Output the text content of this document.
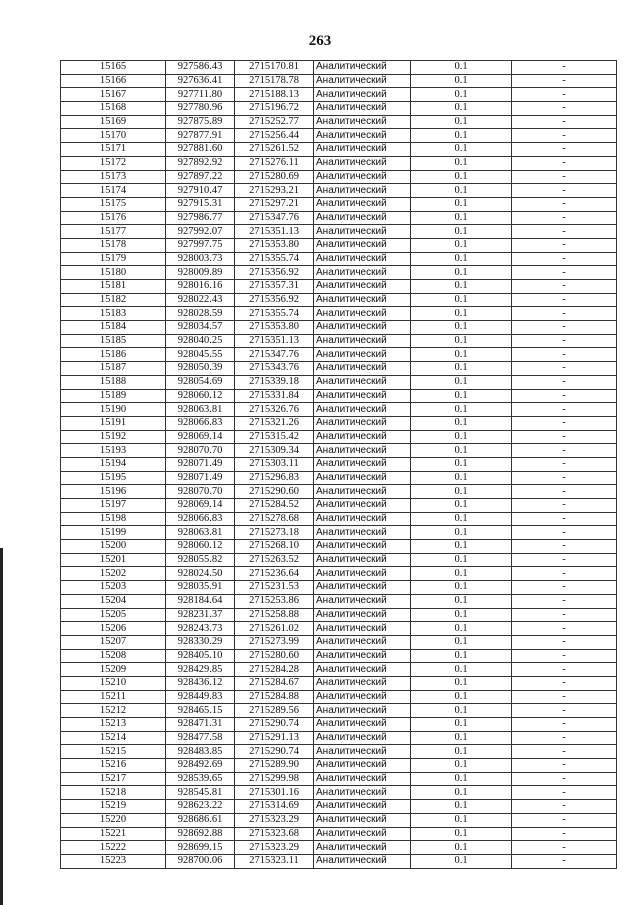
263
15165	927586.43	2715170.81	Аналитический	0.1	-
15166	927636.41	2715178.78	Аналитический	0.1	-
15167	927711.80	2715188.13	Аналитический	0.1	-
15168	927780.96	2715196.72	Аналитический	0.1	-
15169	927875.89	2715252.77	Аналитический	0.1	-
15170	927877.91	2715256.44	Аналитический	0.1	-
15171	927881.60	2715261.52	Аналитический	0.1	-
15172	927892.92	2715276.11	Аналитический	0.1	-
15173	927897.22	2715280.69	Аналитический	0.1	-
15174	927910.47	2715293.21	Аналитический	0.1	-
15175	927915.31	2715297.21	Аналитический	0.1	-
15176	927986.77	2715347.76	Аналитический	0.1	-
15177	927992.07	2715351.13	Аналитический	0.1	-
15178	927997.75	2715353.80	Аналитический	0.1	-
15179	928003.73	2715355.74	Аналитический	0.1	-
15180	928009.89	2715356.92	Аналитический	0.1	-
15181	928016.16	2715357.31	Аналитический	0.1	-
15182	928022.43	2715356.92	Аналитический	0.1	-
15183	928028.59	2715355.74	Аналитический	0.1	-
15184	928034.57	2715353.80	Аналитический	0.1	-
15185	928040.25	2715351.13	Аналитический	0.1	-
15186	928045.55	2715347.76	Аналитический	0.1	-
15187	928050.39	2715343.76	Аналитический	0.1	-
15188	928054.69	2715339.18	Аналитический	0.1	-
15189	928060.12	2715331.84	Аналитический	0.1	-
15190	928063.81	2715326.76	Аналитический	0.1	-
15191	928066.83	2715321.26	Аналитический	0.1	-
15192	928069.14	2715315.42	Аналитический	0.1	-
15193	928070.70	2715309.34	Аналитический	0.1	-
15194	928071.49	2715303.11	Аналитический	0.1	-
15195	928071.49	2715296.83	Аналитический	0.1	-
15196	928070.70	2715290.60	Аналитический	0.1	-
15197	928069.14	2715284.52	Аналитический	0.1	-
15198	928066.83	2715278.68	Аналитический	0.1	-
15199	928063.81	2715273.18	Аналитический	0.1	-
15200	928060.12	2715268.10	Аналитический	0.1	-
15201	928055.82	2715263.52	Аналитический	0.1	-
15202	928024.50	2715236.64	Аналитический	0.1	-
15203	928035.91	2715231.53	Аналитический	0.1	-
15204	928184.64	2715253.86	Аналитический	0.1	-
15205	928231.37	2715258.88	Аналитический	0.1	-
15206	928243.73	2715261.02	Аналитический	0.1	-
15207	928330.29	2715273.99	Аналитический	0.1	-
15208	928405.10	2715280.60	Аналитический	0.1	-
15209	928429.85	2715284.28	Аналитический	0.1	-
15210	928436.12	2715284.67	Аналитический	0.1	-
15211	928449.83	2715284.88	Аналитический	0.1	-
15212	928465.15	2715289.56	Аналитический	0.1	-
15213	928471.31	2715290.74	Аналитический	0.1	-
15214	928477.58	2715291.13	Аналитический	0.1	-
15215	928483.85	2715290.74	Аналитический	0.1	-
15216	928492.69	2715289.90	Аналитический	0.1	-
15217	928539.65	2715299.98	Аналитический	0.1	-
15218	928545.81	2715301.16	Аналитический	0.1	-
15219	928623.22	2715314.69	Аналитический	0.1	-
15220	928686.61	2715323.29	Аналитический	0.1	-
15221	928692.88	2715323.68	Аналитический	0.1	-
15222	928699.15	2715323.29	Аналитический	0.1	-
15223	928700.06	2715323.11	Аналитический	0.1	-
